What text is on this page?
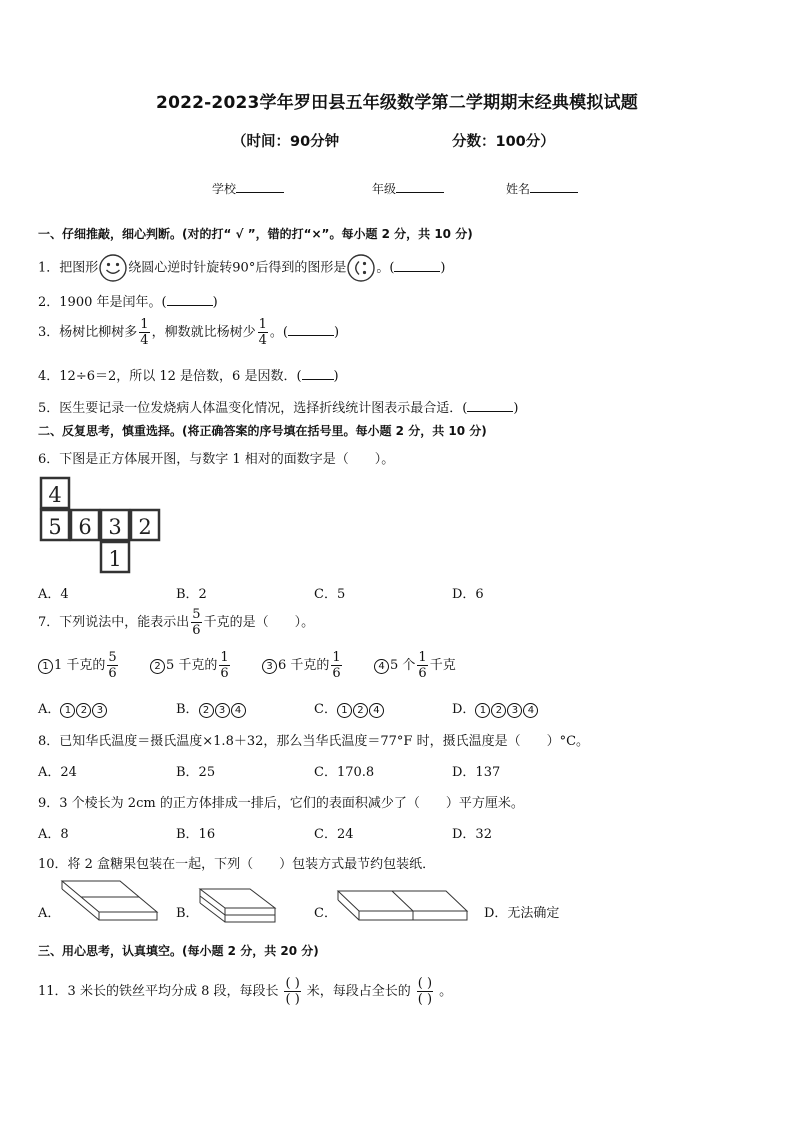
2022-2023学年罗田县五年级数学第二学期期末经典模拟试题
（时间：90分钟	分数：100分）
学校	年级	姓名
一、仔细推敲，细心判断。(对的打“ √ ”，错的打“×”。每小题 2 分，共 10 分)
1．把图形 绕圆心逆时针旋转90°后得到的图形是 。(	)
2．1900 年是闰年。(	)
3．杨树比柳树多 $\frac{1}{4}$ ，柳数就比杨树少 $\frac{1}{4}$ 。(	)
4．12÷6＝2，所以 12 是倍数，6 是因数．( )
5．医生要记录一位发烧病人体温变化情况，选择折线统计图表示最合适．(	)
二、反复思考，慎重选择。(将正确答案的序号填在括号里。每小题 2 分，共 10 分)
6．下图是正方体展开图，与数字 1 相对的面数字是（　　）。
4
5 6 3 2
1
A．4	B．2	C．5	D．6
7．下列说法中，能表示出 $\frac{5}{6}$ 千克的是（　　）。
1 1 千克的 $\frac{5}{6}$	2 5 千克的 $\frac{1}{6}$	3 6 千克的 $\frac{1}{6}$	4 5 个 $\frac{1}{6}$ 千克
A． 1 2 3	B． 2 3 4	C． 1 2 4	D． 1 2 3 4
8．已知华氏温度＝摄氏温度×1.8＋32，那么当华氏温度＝77°F 时，摄氏温度是（　　）°C。
A．24	B．25	C．170.8	D．137
9．3 个棱长为 2cm 的正方体排成一排后，它们的表面积减少了（　　）平方厘米。
A．8	B．16	C．24	D．32
10．将 2 盒糖果包装在一起，下列（　　）包装方式最节约包装纸．
A．	B．	C．	D．无法确定
三、用心思考，认真填空。(每小题 2 分，共 20 分)
11．3 米长的铁丝平均分成 8 段，每段长 $\frac{( )}{( )}$ 米，每段占全长的 $\frac{( )}{( )}$ 。
